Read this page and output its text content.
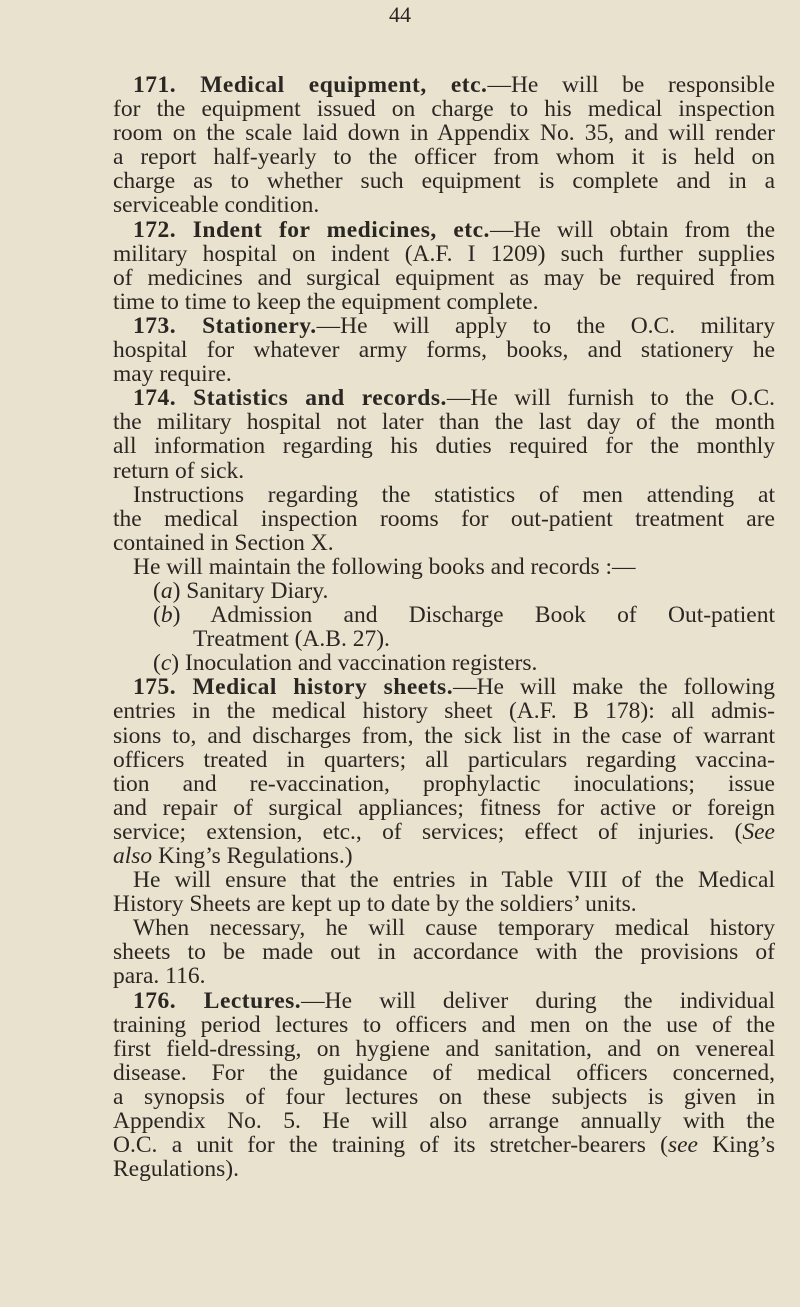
44
171. Medical equipment, etc.—He will be responsible
for the equipment issued on charge to his medical inspection
room on the scale laid down in Appendix No. 35, and will render
a report half-yearly to the officer from whom it is held on
charge as to whether such equipment is complete and in a
serviceable condition.
172. Indent for medicines, etc.—He will obtain from the
military hospital on indent (A.F. I 1209) such further supplies
of medicines and surgical equipment as may be required from
time to time to keep the equipment complete.
173. Stationery.—He will apply to the O.C. military
hospital for whatever army forms, books, and stationery he
may require.
174. Statistics and records.—He will furnish to the O.C.
the military hospital not later than the last day of the month
all information regarding his duties required for the monthly
return of sick.
Instructions regarding the statistics of men attending at
the medical inspection rooms for out-patient treatment are
contained in Section X.
He will maintain the following books and records :—
(a) Sanitary Diary.
(b) Admission and Discharge Book of Out-patient
Treatment (A.B. 27).
(c) Inoculation and vaccination registers.
175. Medical history sheets.—He will make the following
entries in the medical history sheet (A.F. B 178): all admis-
sions to, and discharges from, the sick list in the case of warrant
officers treated in quarters; all particulars regarding vaccina-
tion and re-vaccination, prophylactic inoculations; issue
and repair of surgical appliances; fitness for active or foreign
service; extension, etc., of services; effect of injuries. (See
also King’s Regulations.)
He will ensure that the entries in Table VIII of the Medical
History Sheets are kept up to date by the soldiers’ units.
When necessary, he will cause temporary medical history
sheets to be made out in accordance with the provisions of
para. 116.
176. Lectures.—He will deliver during the individual
training period lectures to officers and men on the use of the
first field-dressing, on hygiene and sanitation, and on venereal
disease. For the guidance of medical officers concerned,
a synopsis of four lectures on these subjects is given in
Appendix No. 5. He will also arrange annually with the
O.C. a unit for the training of its stretcher-bearers (see King’s
Regulations).
